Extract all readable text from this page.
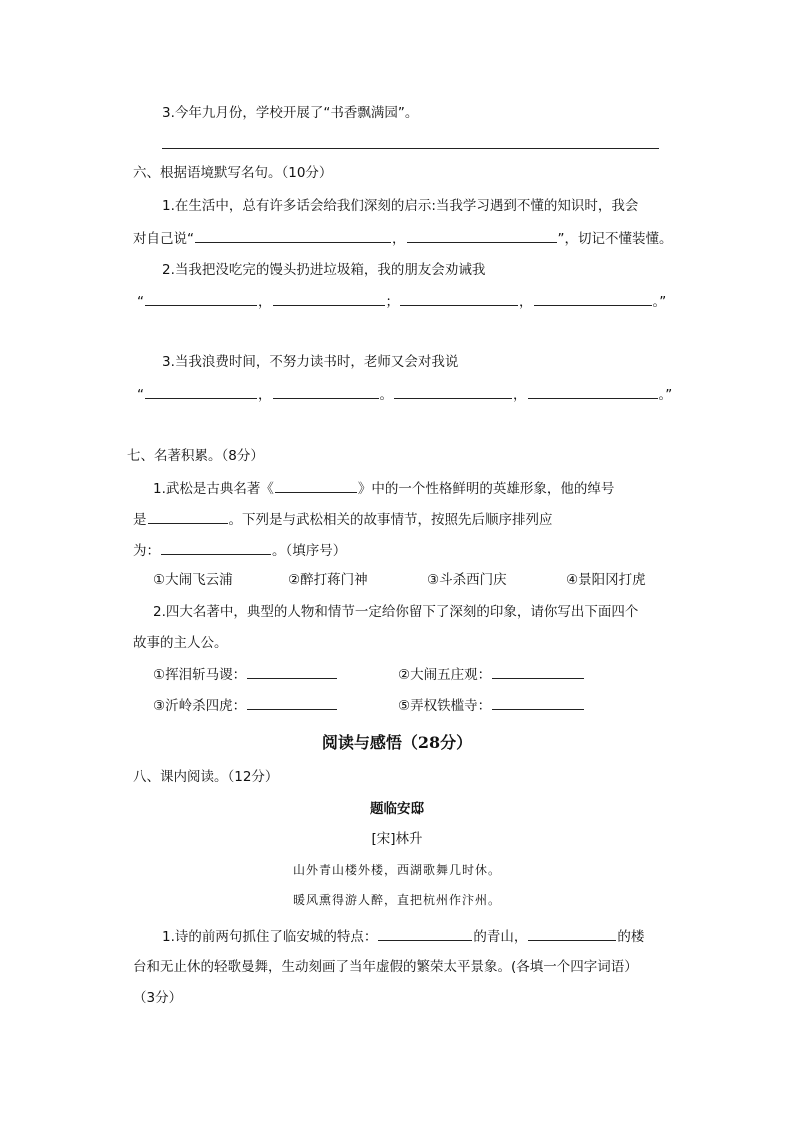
3.今年九月份，学校开展了“书香飘满园”。
六、根据语境默写名句。（10分）
1.在生活中，总有许多话会给我们深刻的启示:当我学习遇到不懂的知识时，我会
对自己说“	，	”，切记不懂装懂。
2.当我把没吃完的馒头扔进垃圾箱，我的朋友会劝诫我
“	，	；	，	。”
3.当我浪费时间，不努力读书时，老师又会对我说
“	，	。	，	。”
七、名著积累。（8分）
1.武松是古典名著《	》中的一个性格鲜明的英雄形象，他的绰号
是	。下列是与武松相关的故事情节，按照先后顺序排列应
为：	。（填序号）
①大闹飞云浦	②醉打蒋门神	③斗杀西门庆	④景阳冈打虎
2.四大名著中，典型的人物和情节一定给你留下了深刻的印象，请你写出下面四个
故事的主人公。
①挥泪斩马谡：	②大闹五庄观：
③沂岭杀四虎：	⑤弄权铁槛寺：
阅读与感悟（28分）
八、课内阅读。（12分）
题临安邸
[宋]林升
山外青山楼外楼，西湖歌舞几时休。
暖风熏得游人醉，直把杭州作汴州。
1.诗的前两句抓住了临安城的特点：	的青山，	的楼
台和无止休的轻歌曼舞，生动刻画了当年虚假的繁荣太平景象。(各填一个四字词语）
（3分）
